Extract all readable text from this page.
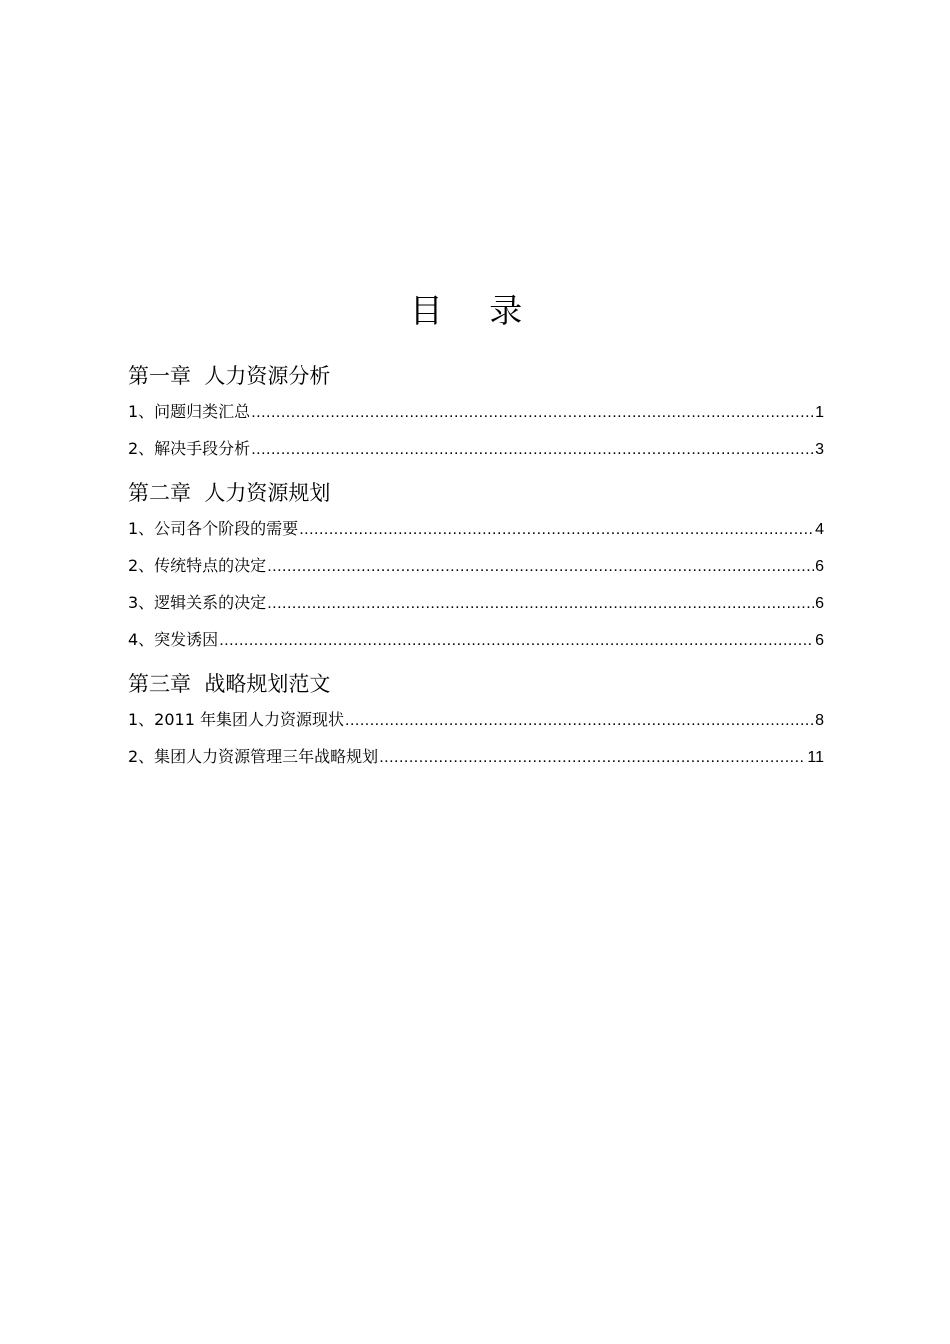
目 录
第一章  人力资源分析
1、问题归类汇总 .....	1
2、解决手段分析 .....	3
第二章  人力资源规划
1、公司各个阶段的需要 .....	4
2、传统特点的决定 .....	6
3、逻辑关系的决定 .....	6
4、突发诱因 .....	6
第三章  战略规划范文
1、2011 年集团人力资源现状 .....	8
2、集团人力资源管理三年战略规划 .....	11
